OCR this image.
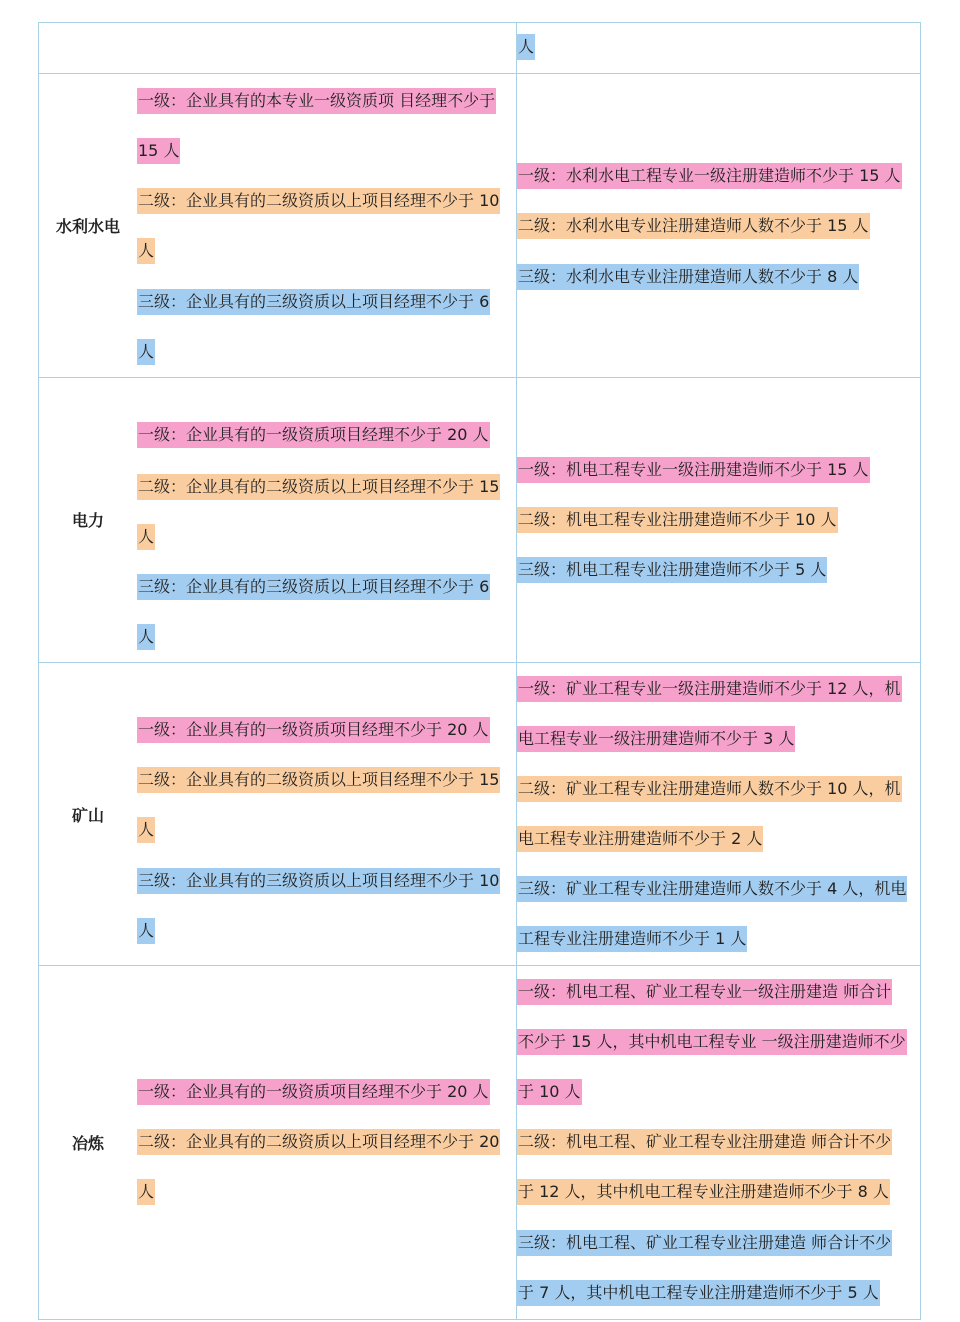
人
水利水电
一级：企业具有的本专业一级资质项 目经理不少于
15 人
二级：企业具有的二级资质以上项目经理不少于 10
人
三级：企业具有的三级资质以上项目经理不少于 6
人
一级：水利水电工程专业一级注册建造师不少于 15 人
二级：水利水电专业注册建造师人数不少于 15 人
三级：水利水电专业注册建造师人数不少于 8 人
电力
一级：企业具有的一级资质项目经理不少于 20 人
二级：企业具有的二级资质以上项目经理不少于 15
人
三级：企业具有的三级资质以上项目经理不少于 6
人
一级：机电工程专业一级注册建造师不少于 15 人
二级：机电工程专业注册建造师不少于 10 人
三级：机电工程专业注册建造师不少于 5 人
矿山
一级：企业具有的一级资质项目经理不少于 20 人
二级：企业具有的二级资质以上项目经理不少于 15
人
三级：企业具有的三级资质以上项目经理不少于 10
人
一级：矿业工程专业一级注册建造师不少于 12 人，机
电工程专业一级注册建造师不少于 3 人
二级：矿业工程专业注册建造师人数不少于 10 人，机
电工程专业注册建造师不少于 2 人
三级：矿业工程专业注册建造师人数不少于 4 人，机电
工程专业注册建造师不少于 1 人
冶炼
一级：企业具有的一级资质项目经理不少于 20 人
二级：企业具有的二级资质以上项目经理不少于 20
人
一级：机电工程、矿业工程专业一级注册建造 师合计
不少于 15 人，其中机电工程专业 一级注册建造师不少
于 10 人
二级：机电工程、矿业工程专业注册建造 师合计不少
于 12 人，其中机电工程专业注册建造师不少于 8 人
三级：机电工程、矿业工程专业注册建造 师合计不少
于 7 人，其中机电工程专业注册建造师不少于 5 人
